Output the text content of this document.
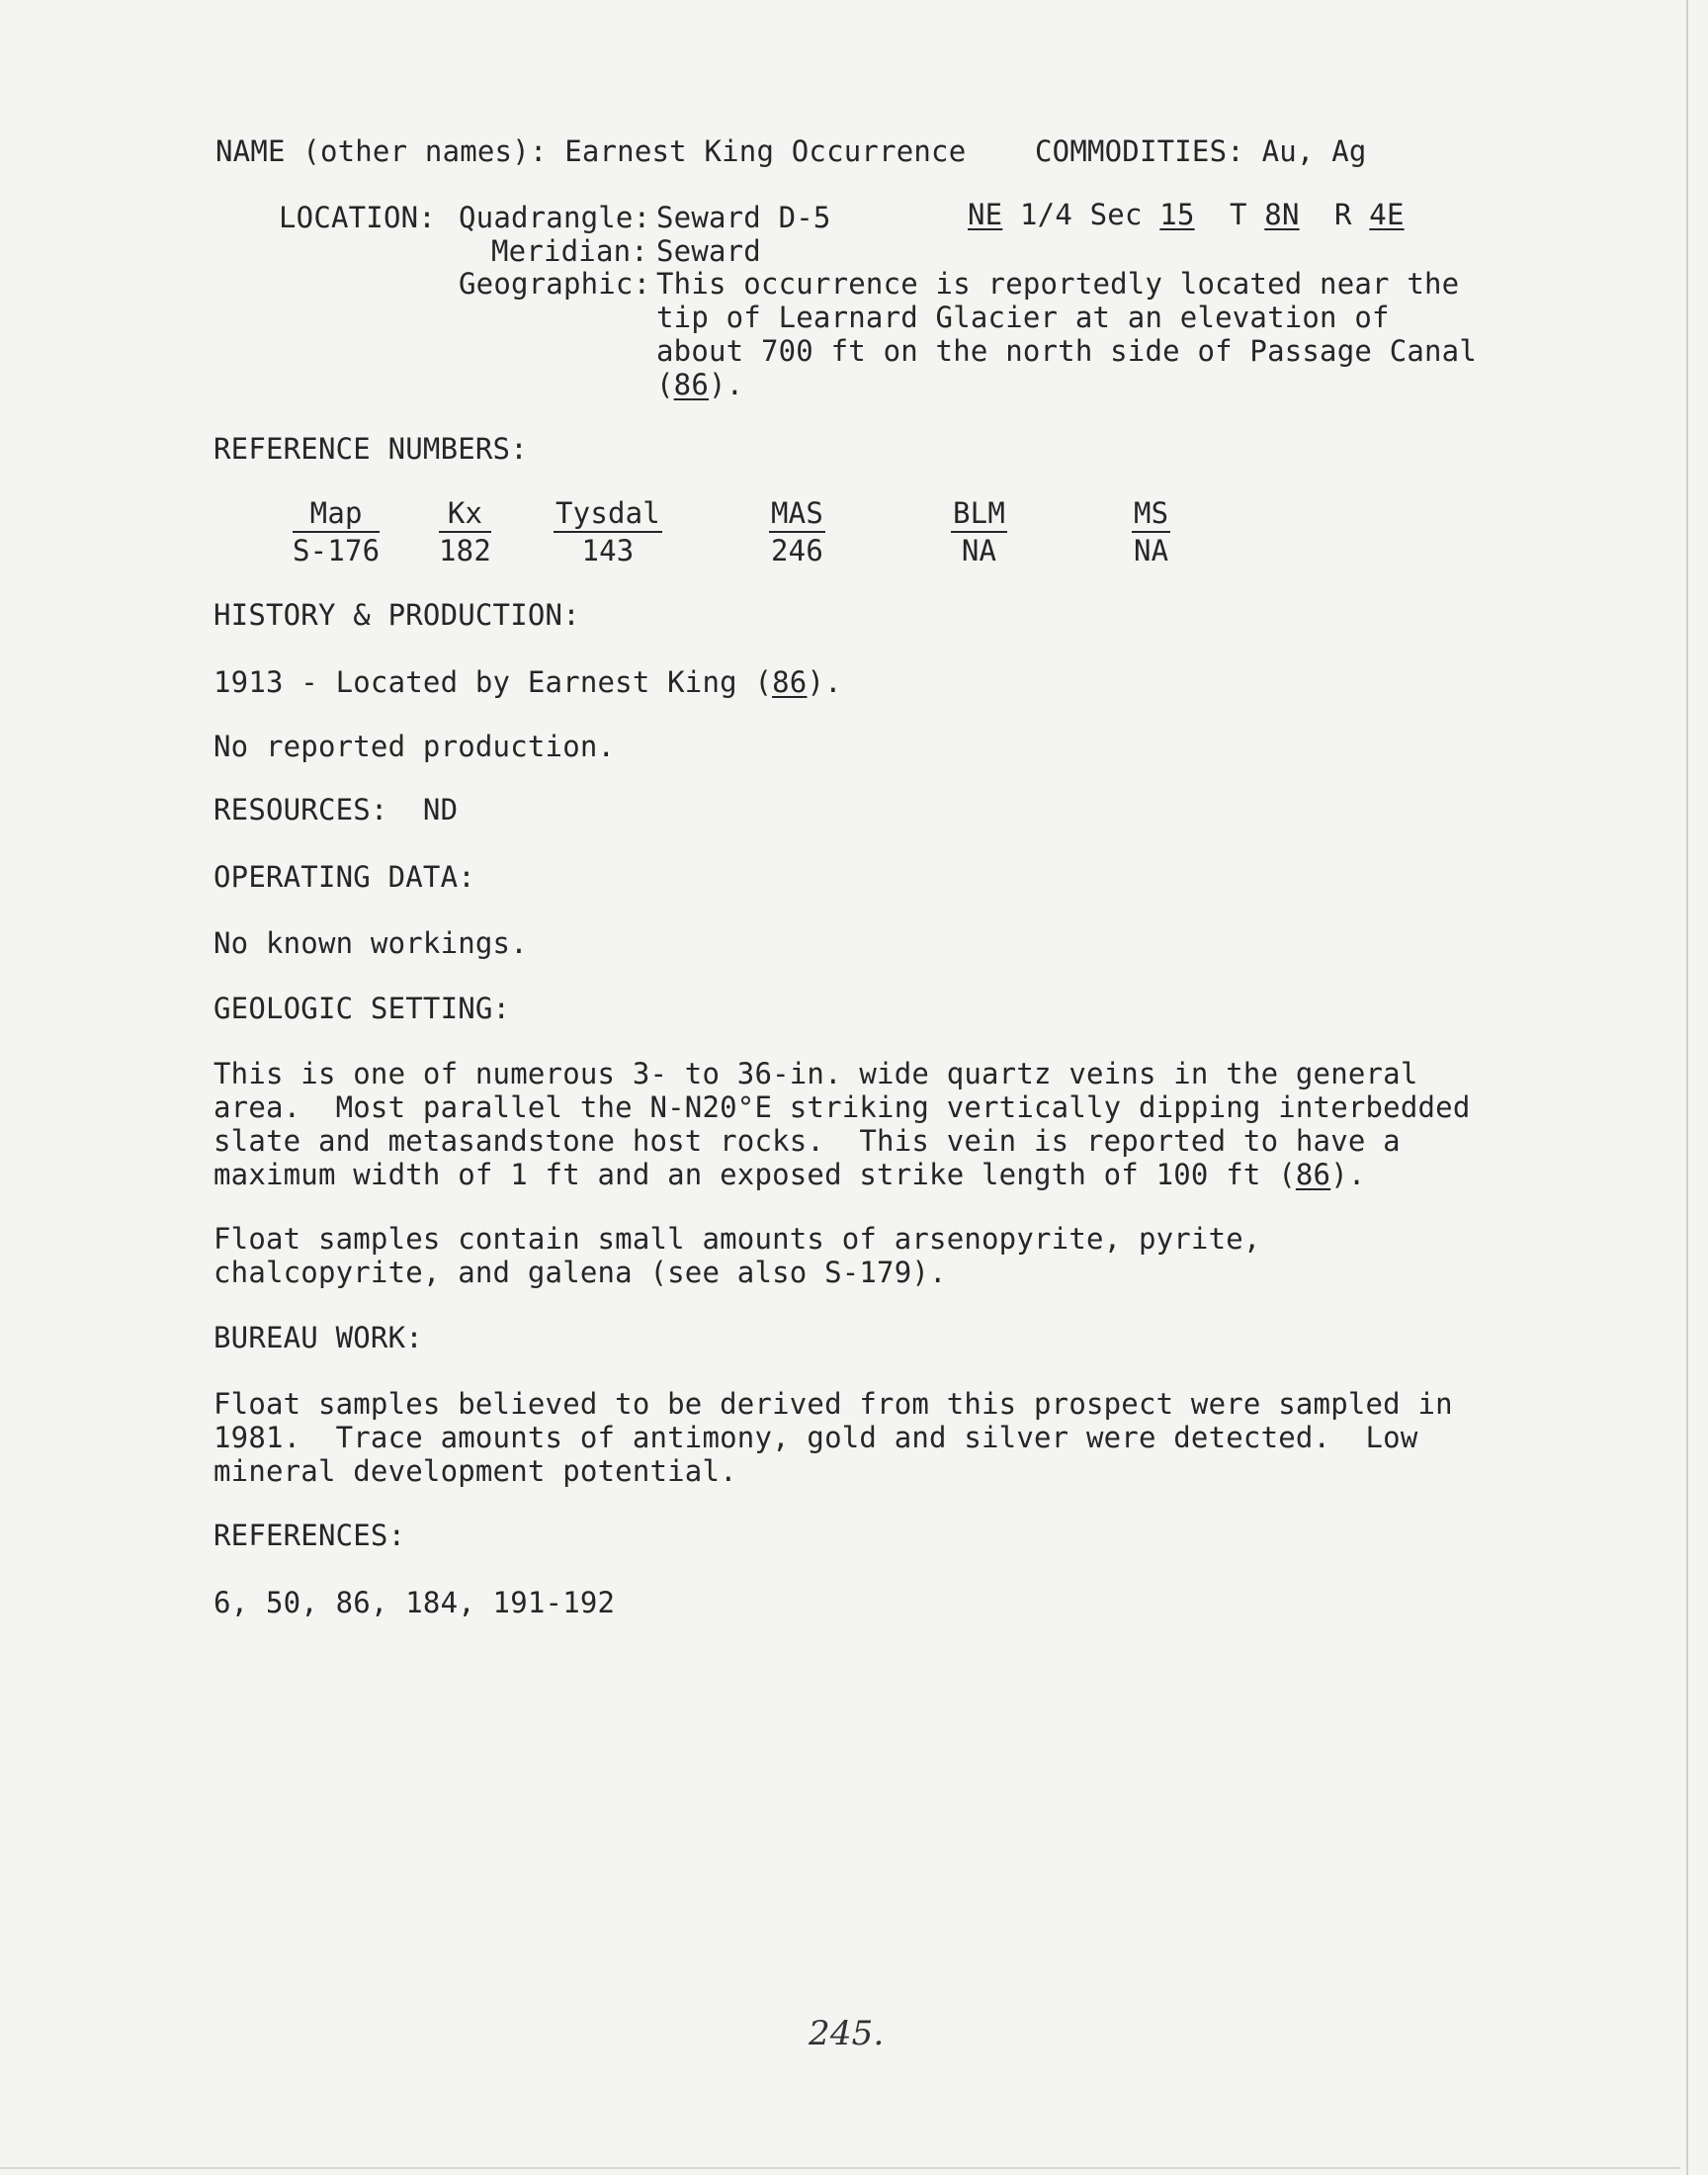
NAME (other names): Earnest King Occurrence COMMODITIES: Au, Ag
LOCATION: Quadrangle: Seward D-5	NE 1/4 Sec 15 T 8N R 4E
Meridian: Seward
Geographic: This occurrence is reportedly located near the
tip of Learnard Glacier at an elevation of
about 700 ft on the north side of Passage Canal
(86).
REFERENCE NUMBERS:
Map
$S-176 \frac{Kx}{182}$ Tysdal
143
MAS
246
BLM
NA	$\frac{MS}{NA}$
HISTORY & PRODUCTION:
1913 - Located by Earnest King (86).
No reported production.
RESOURCES:  ND
OPERATING DATA:
No known workings.
GEOLOGIC SETTING:
This is one of numerous 3- to 36-in. wide quartz veins in the general
area.  Most parallel the N-N20°E striking vertically dipping interbedded
slate and metasandstone host rocks.  This vein is reported to have a
maximum width of 1 ft and an exposed strike length of 100 ft (86).
Float samples contain small amounts of arsenopyrite, pyrite,
chalcopyrite, and galena (see also S-179).
BUREAU WORK:
Float samples believed to be derived from this prospect were sampled in
1981.  Trace amounts of antimony, gold and silver were detected.  Low
mineral development potential.
REFERENCES:
6, 50, 86, 184, 191-192
245.
